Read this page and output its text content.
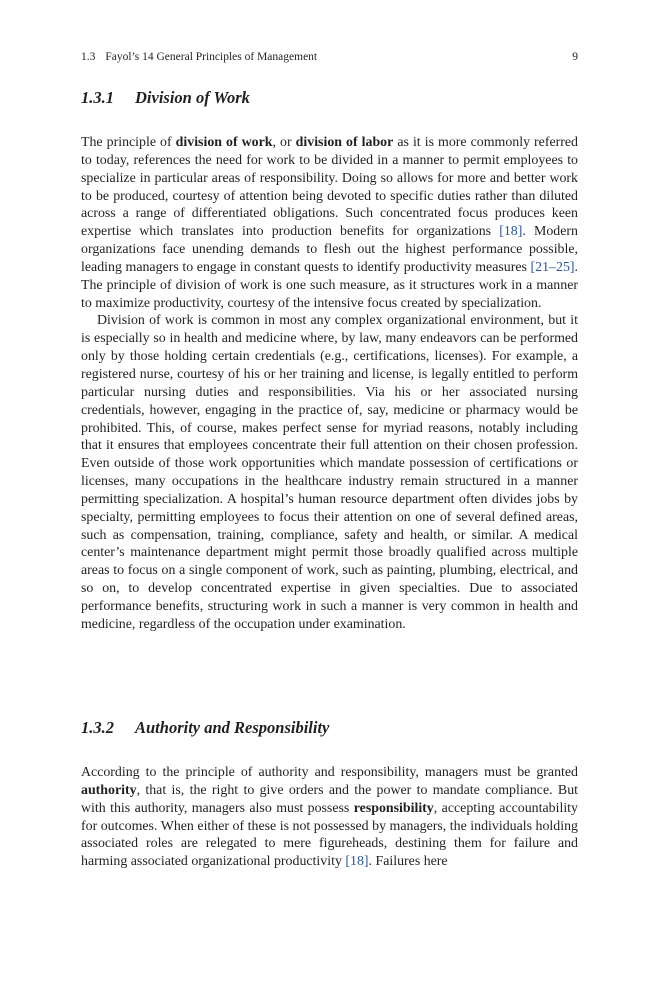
1.3 Fayol’s 14 General Principles of Management	9
1.3.1 Division of Work

The principle of division of work, or division of labor as it is more commonly referred to today, references the need for work to be divided in a manner to permit employees to specialize in particular areas of responsibility. Doing so allows for more and better work to be produced, courtesy of attention being devoted to specific duties rather than diluted across a range of differentiated obligations. Such concentrated focus produces keen expertise which translates into production benefits for organizations [18]. Modern organizations face unending demands to flesh out the highest performance possible, leading managers to engage in constant quests to identify productivity measures [21–25]. The principle of division of work is one such measure, as it structures work in a manner to maximize productivity, courtesy of the intensive focus created by specialization.

Division of work is common in most any complex organizational environment, but it is especially so in health and medicine where, by law, many endeavors can be performed only by those holding certain credentials (e.g., certifications, licenses). For example, a registered nurse, courtesy of his or her training and license, is legally entitled to perform particular nursing duties and responsibilities. Via his or her associated nursing credentials, however, engaging in the practice of, say, medicine or pharmacy would be prohibited. This, of course, makes perfect sense for myriad reasons, notably including that it ensures that employees concentrate their full attention on their chosen profession. Even outside of those work opportunities which mandate possession of certifications or licenses, many occupations in the healthcare industry remain structured in a manner permitting specialization. A hospital’s human resource department often divides jobs by specialty, permitting employees to focus their attention on one of several defined areas, such as compensation, training, compliance, safety and health, or similar. A medical center’s maintenance department might permit those broadly qualified across multiple areas to focus on a single component of work, such as painting, plumbing, electrical, and so on, to develop concentrated expertise in given specialties. Due to associated performance benefits, structuring work in such a manner is very common in health and medicine, regardless of the occupation under examination.

1.3.2 Authority and Responsibility

According to the principle of authority and responsibility, managers must be granted authority, that is, the right to give orders and the power to mandate compliance. But with this authority, managers also must possess responsibility, accepting accountability for outcomes. When either of these is not possessed by managers, the individuals holding associated roles are relegated to mere figureheads, destining them for failure and harming associated organizational productivity [18]. Failures here
